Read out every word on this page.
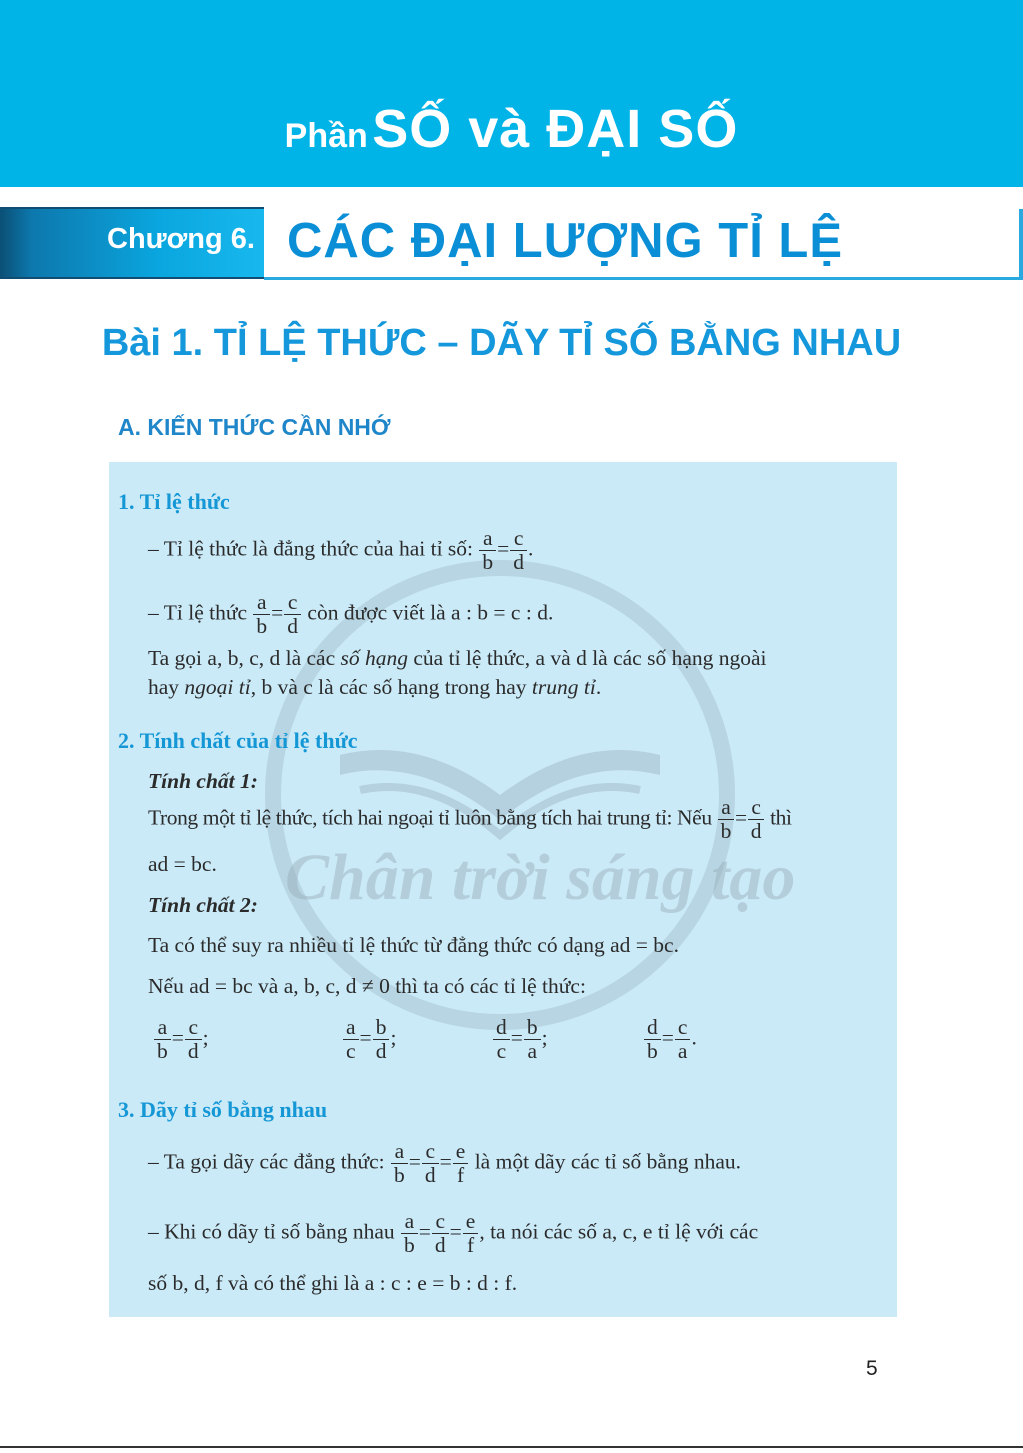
Phần SỐ và ĐẠI SỐ
Chương 6. CÁC ĐẠI LƯỢNG TỈ LỆ
Bài 1. TỈ LỆ THỨC – DÃY TỈ SỐ BẰNG NHAU
A. KIẾN THỨC CẦN NHỚ
Chân trời sáng tạo
1. Tỉ lệ thức
– Tỉ lệ thức là đẳng thức của hai tỉ số: $\frac{a}{b} = \frac{c}{d}$ .
– Tỉ lệ thức $\frac{a}{b} = \frac{c}{d}$ còn được viết là a : b = c : d.
Ta gọi a, b, c, d là các số hạng của tỉ lệ thức, a và d là các số hạng ngoài
hay ngoại tỉ, b và c là các số hạng trong hay trung tỉ.
2. Tính chất của tỉ lệ thức
Tính chất 1:
Trong một tỉ lệ thức, tích hai ngoại tỉ luôn bằng tích hai trung tỉ: Nếu $\frac{a}{b} = \frac{c}{d}$ thì
ad = bc.
Tính chất 2:
Ta có thể suy ra nhiều tỉ lệ thức từ đẳng thức có dạng ad = bc.
Nếu ad = bc và a, b, c, d ≠ 0 thì ta có các tỉ lệ thức:
$\frac{a}{b} = \frac{c}{d}$ ;	$\frac{a}{c} = \frac{b}{d}$ ;	$\frac{d}{c} = \frac{b}{a}$ ;	$\frac{d}{b} = \frac{c}{a}$ .
3. Dãy tỉ số bằng nhau
– Ta gọi dãy các đẳng thức: $\frac{a}{b} = \frac{c}{d} = \frac{e}{f}$ là một dãy các tỉ số bằng nhau.
– Khi có dãy tỉ số bằng nhau $\frac{a}{b} = \frac{c}{d} = \frac{e}{f}$ , ta nói các số a, c, e tỉ lệ với các
số b, d, f và có thể ghi là a : c : e = b : d : f.
5
